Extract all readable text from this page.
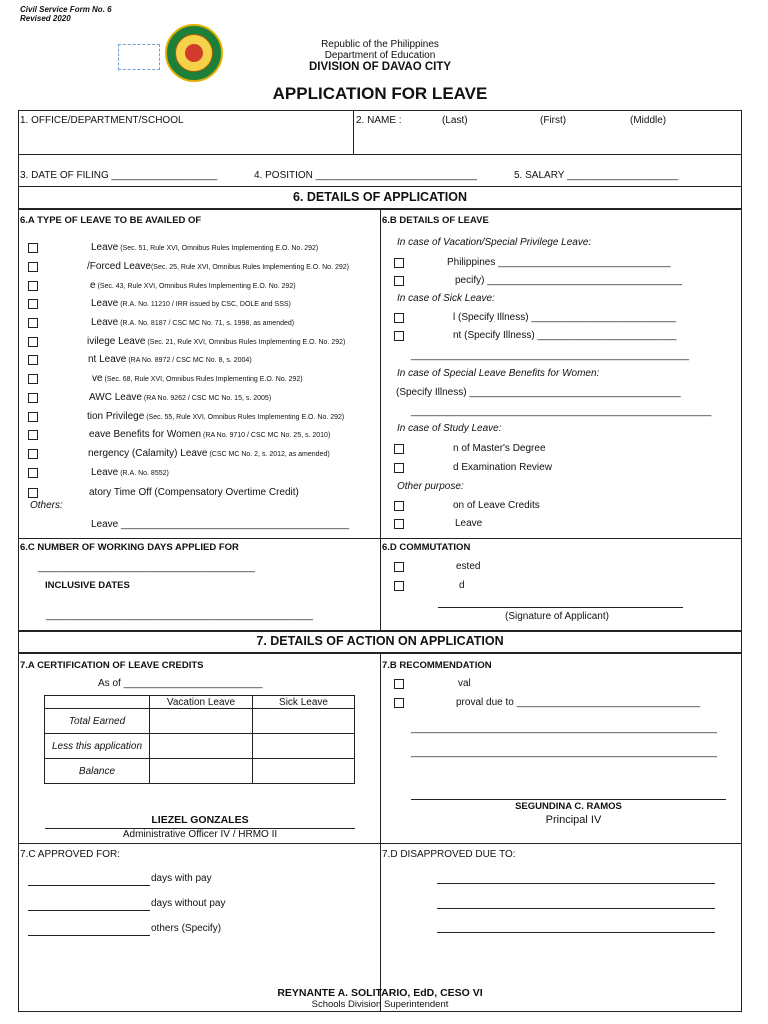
Civil Service Form No. 6
Revised 2020
Republic of the Philippines
Department of Education
DIVISION OF DAVAO CITY
APPLICATION FOR LEAVE
1. OFFICE/DEPARTMENT/SCHOOL	2. NAME :	(Last)	(First)	(Middle)
3. DATE OF FILING ___________________	4. POSITION _____________________________	5. SALARY ____________________
6. DETAILS OF APPLICATION
6.A TYPE OF LEAVE TO BE AVAILED OF
Leave (Sec. 51, Rule XVI, Omnibus Rules Implementing E.O. No. 292)
/Forced Leave(Sec. 25, Rule XVI, Omnibus Rules Implementing E.O. No. 292)
e (Sec. 43, Rule XVI, Omnibus Rules Implementing E.O. No. 292)
Leave (R.A. No. 11210 / IRR issued by CSC, DOLE and SSS)
Leave (R.A. No. 8187 / CSC MC No. 71, s. 1998, as amended)
ivilege Leave (Sec. 21, Rule XVI, Omnibus Rules Implementing E.O. No. 292)
nt Leave (RA No. 8972 / CSC MC No. 8, s. 2004)
ve (Sec. 68, Rule XVI, Omnibus Rules Implementing E.O. No. 292)
AWC Leave (RA No. 9262 / CSC MC No. 15, s. 2005)
tion Privilege (Sec. 55, Rule XVI, Omnibus Rules Implementing E.O. No. 292)
eave Benefits for Women (RA No. 9710 / CSC MC No. 25, s. 2010)
nergency (Calamity) Leave (CSC MC No. 2, s. 2012, as amended)
Leave (R.A. No. 8552)
atory Time Off (Compensatory Overtime Credit)
Others:
Leave _________________________________________
6.B DETAILS OF LEAVE
In case of Vacation/Special Privilege Leave:
Philippines _______________________________
pecify) ___________________________________
In case of Sick Leave:
l (Specify Illness) __________________________
nt (Specify Illness) _________________________
__________________________________________________
In case of Special Leave Benefits for Women:
(Specify Illness) ______________________________________
______________________________________________________
In case of Study Leave:
n of Master's Degree
d Examination Review
Other purpose:
on of Leave Credits
Leave
6.C NUMBER OF WORKING DAYS APPLIED FOR
_______________________________________
INCLUSIVE DATES
________________________________________________
6.D COMMUTATION
ested
d
(Signature of Applicant)
7. DETAILS OF ACTION ON APPLICATION
7.A CERTIFICATION OF LEAVE CREDITS
As of _________________________
	Vacation Leave	Sick Leave
Total Earned		
Less this application		
Balance		
LIEZEL GONZALES
Administrative Officer IV / HRMO II
7.B RECOMMENDATION
val
proval due to _________________________________
_______________________________________________________
_______________________________________________________
SEGUNDINA C. RAMOS
Principal IV
7.C APPROVED FOR:
days with pay
days without pay
others (Specify)
7.D DISAPPROVED DUE TO:
REYNANTE A. SOLITARIO, EdD, CESO VI
Schools Division Superintendent
